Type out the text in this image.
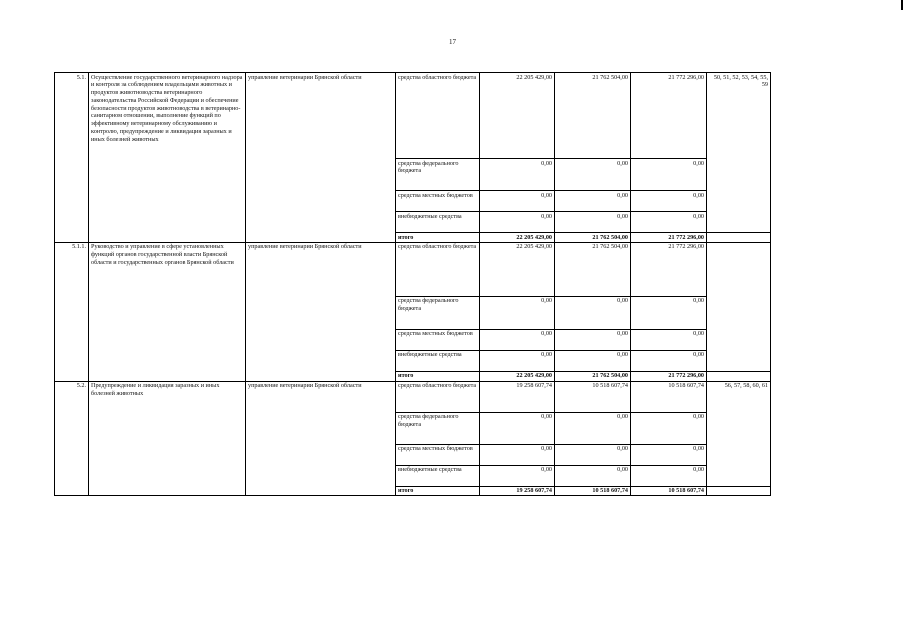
17
5.1.	Осуществление государственного ветеринарного надзора и контроля за соблюдением владельцами животных и продуктов животноводства ветеринарного законодательства Российской Федерации и обеспечение безопасности продуктов животноводства в ветеринарно-санитарном отношении, выполнение функций по эффективному ветеринарному обслуживанию и контролю, предупреждение и ликвидация заразных и иных болезней животных	управление ветеринарии Брянской области	средства областного бюджета	22 205 429,00	21 762 504,00	21 772 296,00	50, 51, 52, 53, 54, 55, 59
			средства федерального бюджета	0,00	0,00	0,00	
			средства местных бюджетов	0,00	0,00	0,00	
			внебюджетные средства	0,00	0,00	0,00	
			итого	22 205 429,00	21 762 504,00	21 772 296,00	
5.1.1.	Руководство и управление в сфере установленных функций органов государственной власти Брянской области и государственных органов Брянской области	управление ветеринарии Брянской области	средства областного бюджета	22 205 429,00	21 762 504,00	21 772 296,00	
			средства федерального бюджета	0,00	0,00	0,00	
			средства местных бюджетов	0,00	0,00	0,00	
			внебюджетные средства	0,00	0,00	0,00	
			итого	22 205 429,00	21 762 504,00	21 772 296,00	
5.2.	Предупреждение и ликвидация заразных и иных болезней животных	управление ветеринарии Брянской области	средства областного бюджета	19 258 607,74	10 518 607,74	10 518 607,74	56, 57, 58, 60, 61
			средства федерального бюджета	0,00	0,00	0,00	
			средства местных бюджетов	0,00	0,00	0,00	
			внебюджетные средства	0,00	0,00	0,00	
			итого	19 258 607,74	10 518 607,74	10 518 607,74	
